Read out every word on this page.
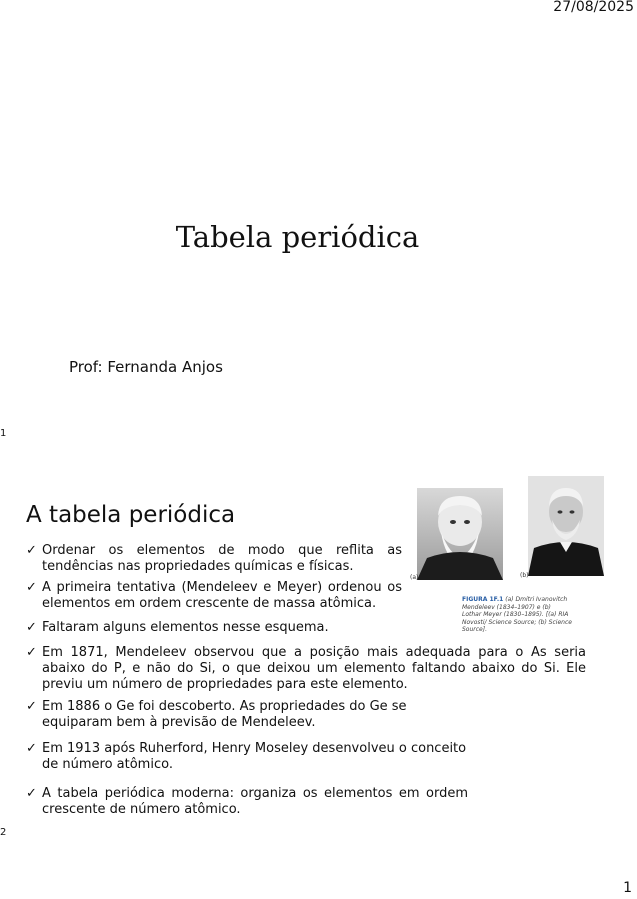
27/08/2025
Tabela periódica
Prof: Fernanda Anjos
1
A tabela periódica
✓ Ordenar os elementos de modo que reflita as tendências nas propriedades químicas e físicas.
✓ A primeira tentativa (Mendeleev e Meyer) ordenou os elementos em ordem crescente de massa atômica.
✓ Faltaram alguns elementos nesse esquema.
(a)	(b)
FIGURA 1F.1 (a) Dmitri Ivanovitch Mendeleev (1834–1907) e (b) Lothar Meyer (1830–1895). [(a) RIA Novosti/ Science Source; (b) Science Source].
✓ Em 1871, Mendeleev observou que a posição mais adequada para o As seria abaixo do P, e não do Si, o que deixou um elemento faltando abaixo do Si. Ele previu um número de propriedades para este elemento.
✓ Em 1886 o Ge foi descoberto. As propriedades do Ge se equiparam bem à previsão de Mendeleev.
✓ Em 1913 após Ruherford, Henry Moseley desenvolveu o conceito de número atômico.
✓ A tabela periódica moderna: organiza os elementos em ordem crescente de número atômico.
2
1
